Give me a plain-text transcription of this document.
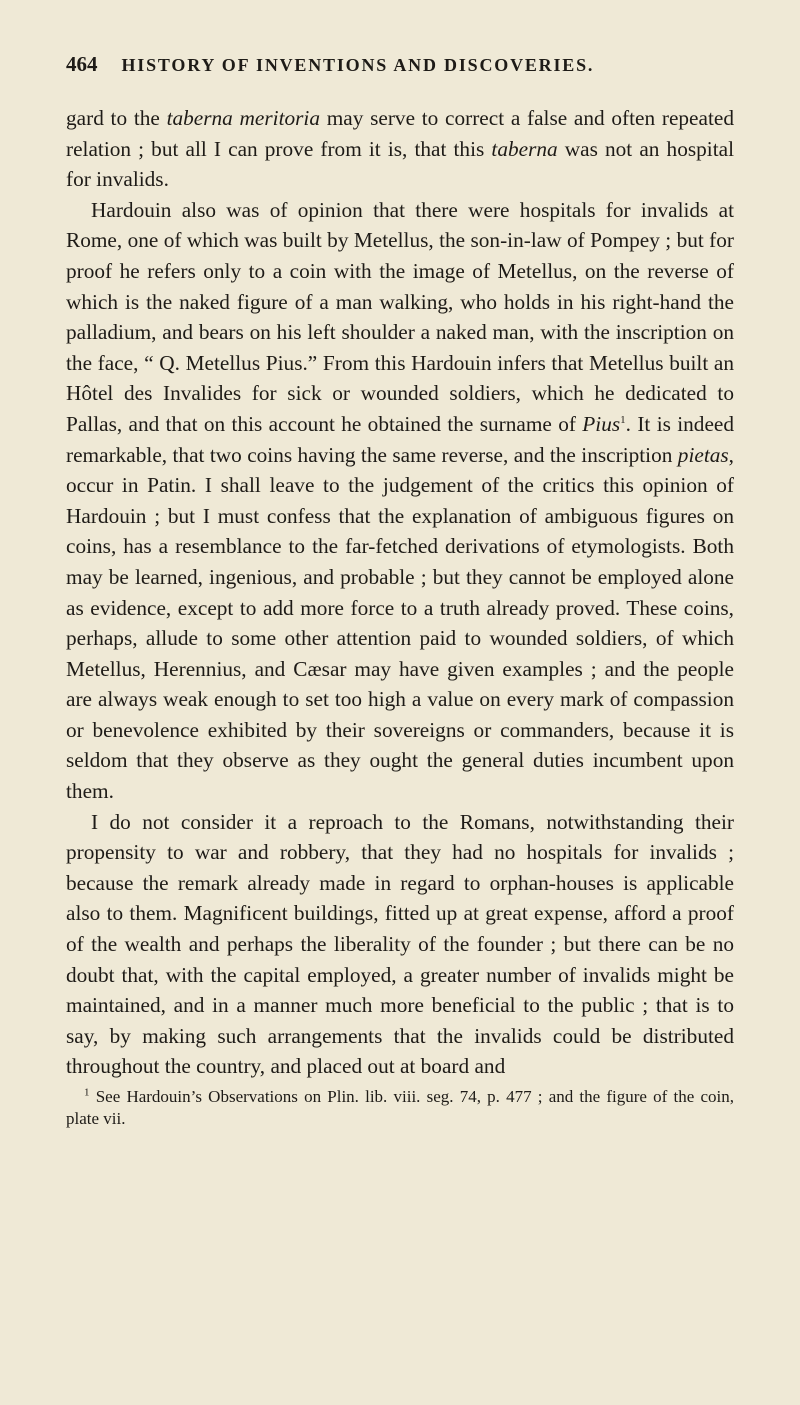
464 HISTORY OF INVENTIONS AND DISCOVERIES.

gard to the taberna meritoria may serve to correct a false and often repeated relation ; but all I can prove from it is, that this taberna was not an hospital for invalids.

Hardouin also was of opinion that there were hospitals for invalids at Rome, one of which was built by Metellus, the son-in-law of Pompey ; but for proof he refers only to a coin with the image of Metellus, on the reverse of which is the naked figure of a man walking, who holds in his right-hand the palladium, and bears on his left shoulder a naked man, with the inscription on the face, “ Q. Metellus Pius.” From this Hardouin infers that Metellus built an Hôtel des Invalides for sick or wounded soldiers, which he dedicated to Pallas, and that on this account he obtained the surname of Pius$^1$. It is indeed remarkable, that two coins having the same reverse, and the inscription pietas, occur in Patin. I shall leave to the judgement of the critics this opinion of Hardouin ; but I must confess that the explanation of ambiguous figures on coins, has a resemblance to the far-fetched derivations of etymologists. Both may be learned, ingenious, and probable ; but they cannot be employed alone as evidence, except to add more force to a truth already proved. These coins, perhaps, allude to some other attention paid to wounded soldiers, of which Metellus, Herennius, and Cæsar may have given examples ; and the people are always weak enough to set too high a value on every mark of compassion or benevolence exhibited by their sovereigns or commanders, because it is seldom that they observe as they ought the general duties incumbent upon them.

I do not consider it a reproach to the Romans, notwithstanding their propensity to war and robbery, that they had no hospitals for invalids ; because the remark already made in regard to orphan-houses is applicable also to them. Magnificent buildings, fitted up at great expense, afford a proof of the wealth and perhaps the liberality of the founder ; but there can be no doubt that, with the capital employed, a greater number of invalids might be maintained, and in a manner much more beneficial to the public ; that is to say, by making such arrangements that the invalids could be distributed throughout the country, and placed out at board and

$^1$ See Hardouin’s Observations on Plin. lib. viii. seg. 74, p. 477 ; and the figure of the coin, plate vii.
